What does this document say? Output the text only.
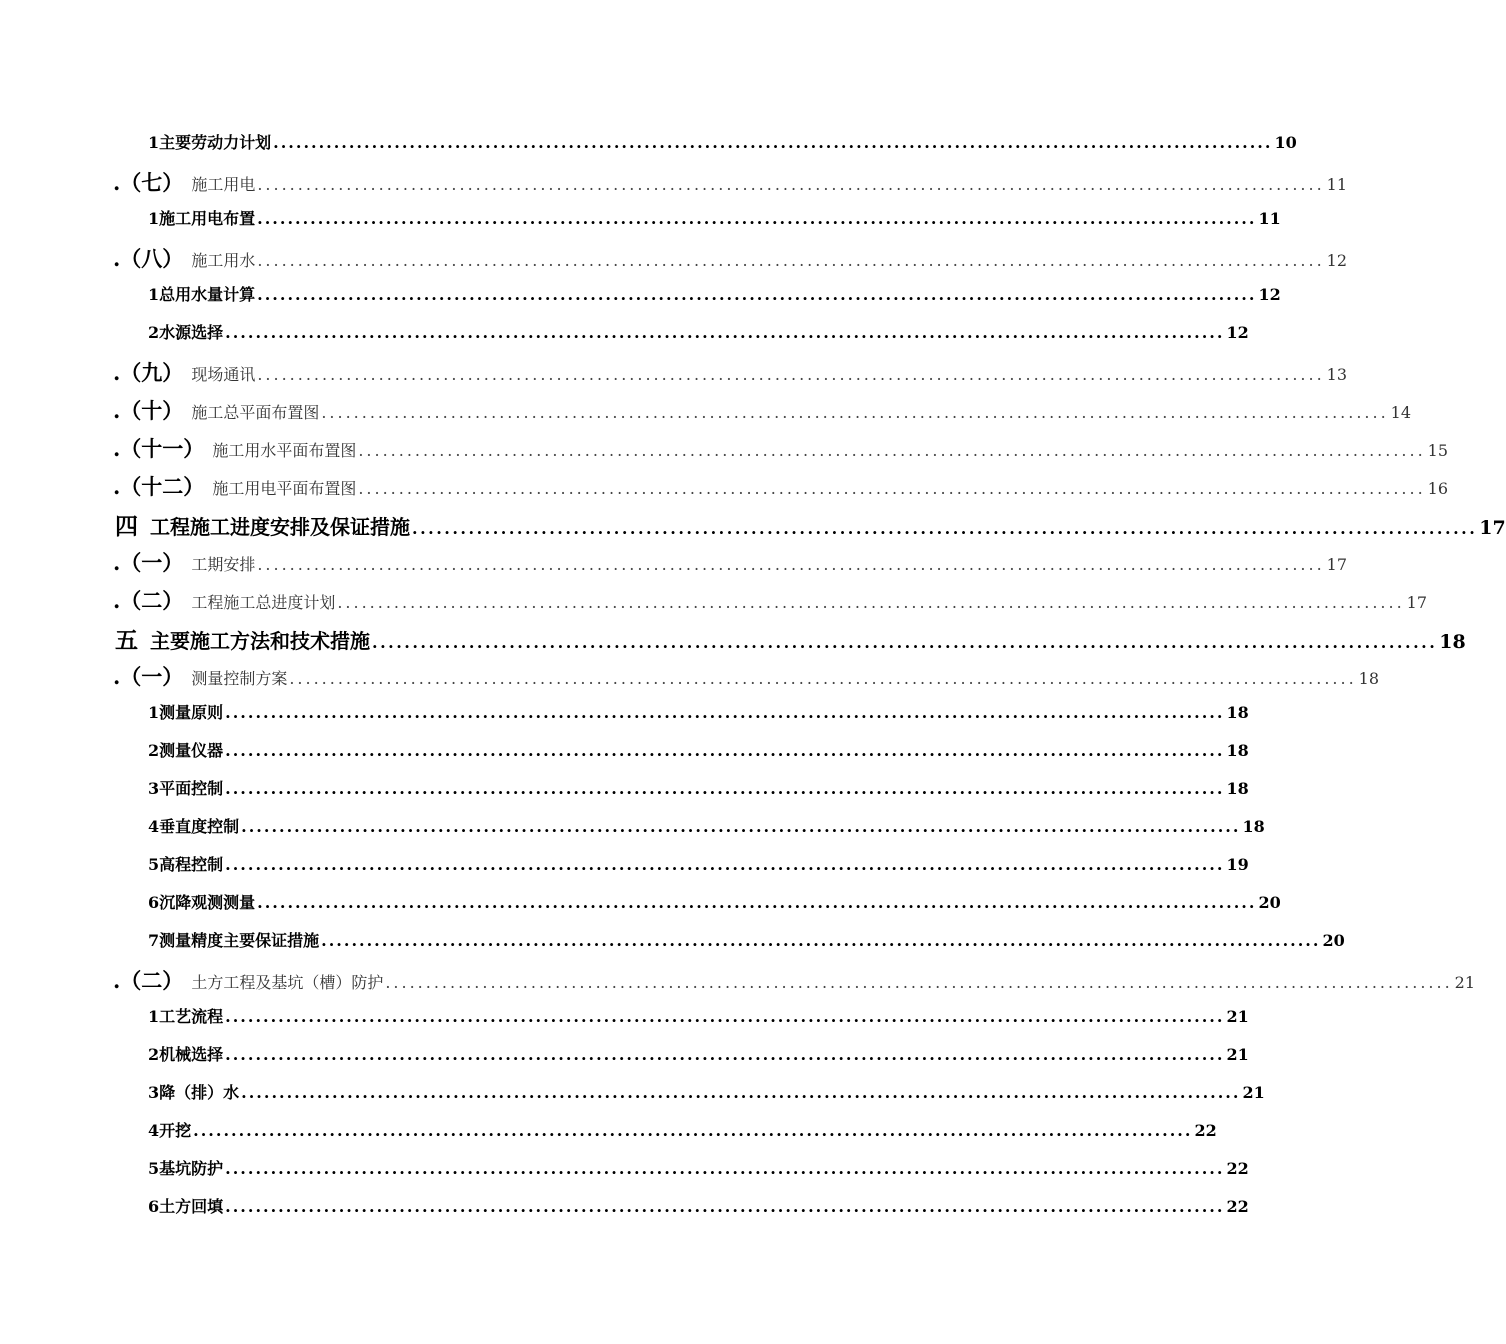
1 主要劳动力计划 .................................................................................................................................... 10
.（七） 施工用电 .................................................................................................................................... 11
1 施工用电布置 .................................................................................................................................... 11
.（八） 施工用水 .................................................................................................................................... 12
1 总用水量计算 .................................................................................................................................... 12
2 水源选择 .................................................................................................................................... 12
.（九） 现场通讯 .................................................................................................................................... 13
.（十） 施工总平面布置图 .................................................................................................................................... 14
.（十一） 施工用水平面布置图 .................................................................................................................................... 15
.（十二） 施工用电平面布置图 .................................................................................................................................... 16
四 工程施工进度安排及保证措施 .................................................................................................................................... 17
.（一） 工期安排 .................................................................................................................................... 17
.（二） 工程施工总进度计划 .................................................................................................................................... 17
五 主要施工方法和技术措施 .................................................................................................................................... 18
.（一） 测量控制方案 .................................................................................................................................... 18
1 测量原则 .................................................................................................................................... 18
2 测量仪器 .................................................................................................................................... 18
3 平面控制 .................................................................................................................................... 18
4 垂直度控制 .................................................................................................................................... 18
5 高程控制 .................................................................................................................................... 19
6 沉降观测测量 .................................................................................................................................... 20
7 测量精度主要保证措施 .................................................................................................................................... 20
.（二） 土方工程及基坑（槽）防护 .................................................................................................................................... 21
1 工艺流程 .................................................................................................................................... 21
2 机械选择 .................................................................................................................................... 21
3 降（排）水 .................................................................................................................................... 21
4 开挖 .................................................................................................................................... 22
5 基坑防护 .................................................................................................................................... 22
6 土方回填 .................................................................................................................................... 22
